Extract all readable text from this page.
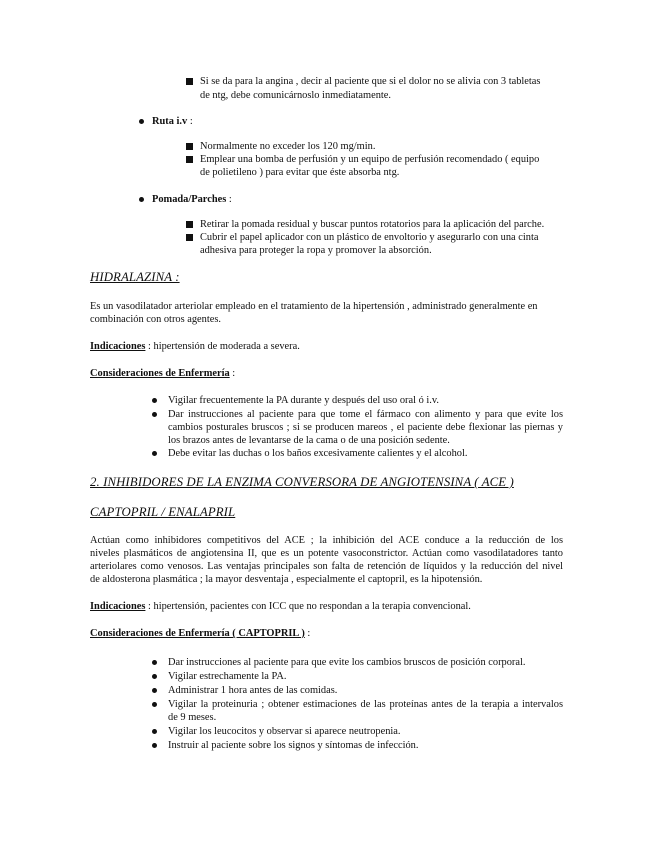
Si se da para la angina , decir al paciente que si el dolor no se alivia con 3 tabletas
de ntg, debe comunicárnoslo inmediatamente.
Ruta i.v :
Normalmente no exceder los 120 mg/min.
Emplear una bomba de perfusión y un equipo de perfusión recomendado ( equipo
de polietileno ) para evitar que éste absorba ntg.
Pomada/Parches :
Retirar la pomada residual y buscar puntos rotatorios para la aplicación del parche.
Cubrir el papel aplicador con un plástico de envoltorio y asegurarlo con una cinta
adhesiva para proteger la ropa y promover la absorción.
HIDRALAZINA :
Es un vasodilatador arteriolar empleado en el tratamiento de la hipertensión , administrado generalmente en
combinación con otros agentes.
Indicaciones : hipertensión de moderada a severa.
Consideraciones de Enfermería :
Vigilar frecuentemente la PA durante y después del uso oral ó i.v.
Dar instrucciones al paciente para que tome el fármaco con alimento y para que evite los
cambios posturales bruscos ; si se producen mareos , el paciente debe flexionar las piernas y
los brazos antes de levantarse de la cama o de una posición sedente.
Debe evitar las duchas o los baños excesivamente calientes y el alcohol.
2. INHIBIDORES DE LA ENZIMA CONVERSORA DE ANGIOTENSINA ( ACE )
CAPTOPRIL / ENALAPRIL
Actúan como inhibidores competitivos del ACE ; la inhibición del ACE conduce a la reducción de los
niveles plasmáticos de angiotensina II, que es un potente vasoconstrictor. Actúan como vasodilatadores tanto
arteriolares como venosos. Las ventajas principales son falta de retención de líquidos y la reducción del nivel
de aldosterona plasmática ; la mayor desventaja , especialmente el captopril, es la hipotensión.
Indicaciones : hipertensión, pacientes con ICC que no respondan a la terapia convencional.
Consideraciones de Enfermería ( CAPTOPRIL ) :
Dar instrucciones al paciente para que evite los cambios bruscos de posición corporal.
Vigilar estrechamente la PA.
Administrar 1 hora antes de las comidas.
Vigilar la proteinuria ; obtener estimaciones de las proteínas antes de la terapia a intervalos
de 9 meses.
Vigilar los leucocitos y observar si aparece neutropenia.
Instruir al paciente sobre los signos y síntomas de infección.
